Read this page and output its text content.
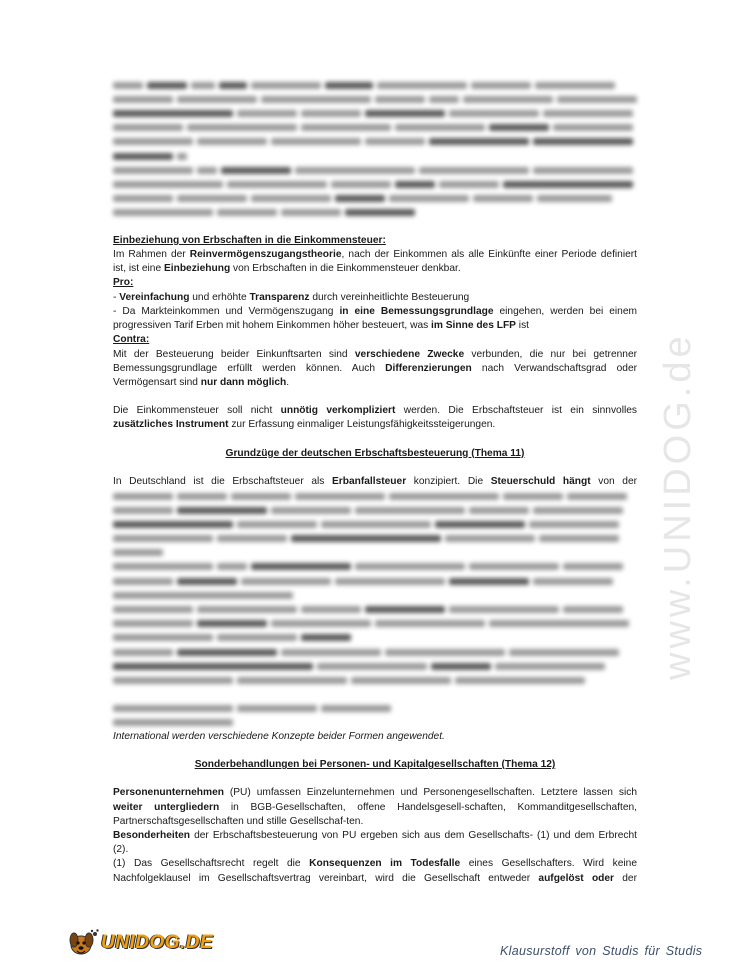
Einbeziehung von Erbschaften in die Einkommensteuer:
Im Rahmen der Reinvermögenszugangstheorie, nach der Einkommen als alle Einkünfte einer Periode definiert
ist, ist eine Einbeziehung von Erbschaften in die Einkommensteuer denkbar.
Pro:
- Vereinfachung und erhöhte Transparenz durch vereinheitlichte Besteuerung
- Da Markteinkommen und Vermögenszugang in eine Bemessungsgrundlage eingehen, werden bei einem
progressiven Tarif Erben mit hohem Einkommen höher besteuert, was im Sinne des LFP ist
Contra:
Mit der Besteuerung beider Einkunftsarten sind verschiedene Zwecke verbunden, die nur bei getrenner
Bemessungsgrundlage erfüllt werden können. Auch Differenzierungen nach Verwandschaftsgrad oder
Vermögensart sind nur dann möglich.
Die Einkommensteuer soll nicht unnötig verkompliziert werden. Die Erbschaftsteuer ist ein sinnvolles
zusätzliches Instrument zur Erfassung einmaliger Leistungsfähigkeitssteigerungen.
Grundzüge der deutschen Erbschaftsbesteuerung (Thema 11)
In Deutschland ist die Erbschaftsteuer als Erbanfallsteuer konzipiert. Die Steuerschuld hängt von der
International werden verschiedene Konzepte beider Formen angewendet.
Sonderbehandlungen bei Personen- und Kapitalgesellschaften (Thema 12)
Personenunternehmen (PU) umfassen Einzelunternehmen und Personengesellschaften. Letztere lassen sich
weiter untergliedern in BGB-Gesellschaften, offene Handelsgesell-schaften, Kommanditgesellschaften,
Partnerschaftsgesellschaften und stille Gesellschaf-ten.
Besonderheiten der Erbschaftsbesteuerung von PU ergeben sich aus dem Gesellschafts- (1) und dem Erbrecht
(2).
(1) Das Gesellschaftsrecht regelt die Konsequenzen im Todesfalle eines Gesellschafters. Wird keine
Nachfolgeklausel im Gesellschaftsvertrag vereinbart, wird die Gesellschaft entweder aufgelöst oder der
www.UNIDOG.de
UNIDOG.DE	Klausurstoff von Studis für Studis
